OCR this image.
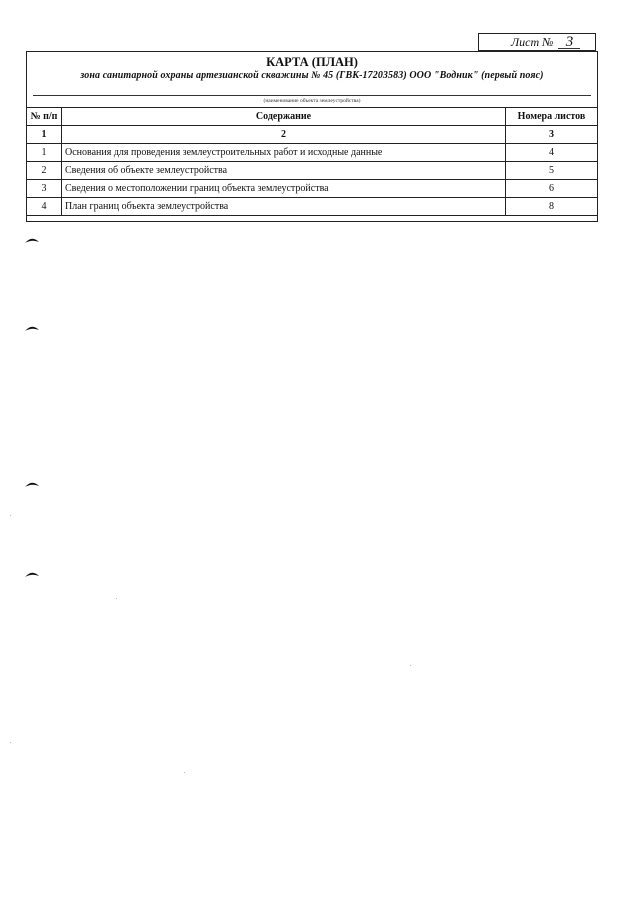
Лист № 3
КАРТА (ПЛАН)
зона санитарной охраны артезианской скважины № 45 (ГВК-17203583) ООО "Водник" (первый пояс)
(наименование объекта землеустройства)
№ п/п	Содержание	Номера листов
1	2	3
1	Основания для проведения землеустроительных работ и исходные данные	4
2	Сведения об объекте землеустройства	5
3	Сведения о местоположении границ объекта землеустройства	6
4	План границ объекта землеустройства	8
